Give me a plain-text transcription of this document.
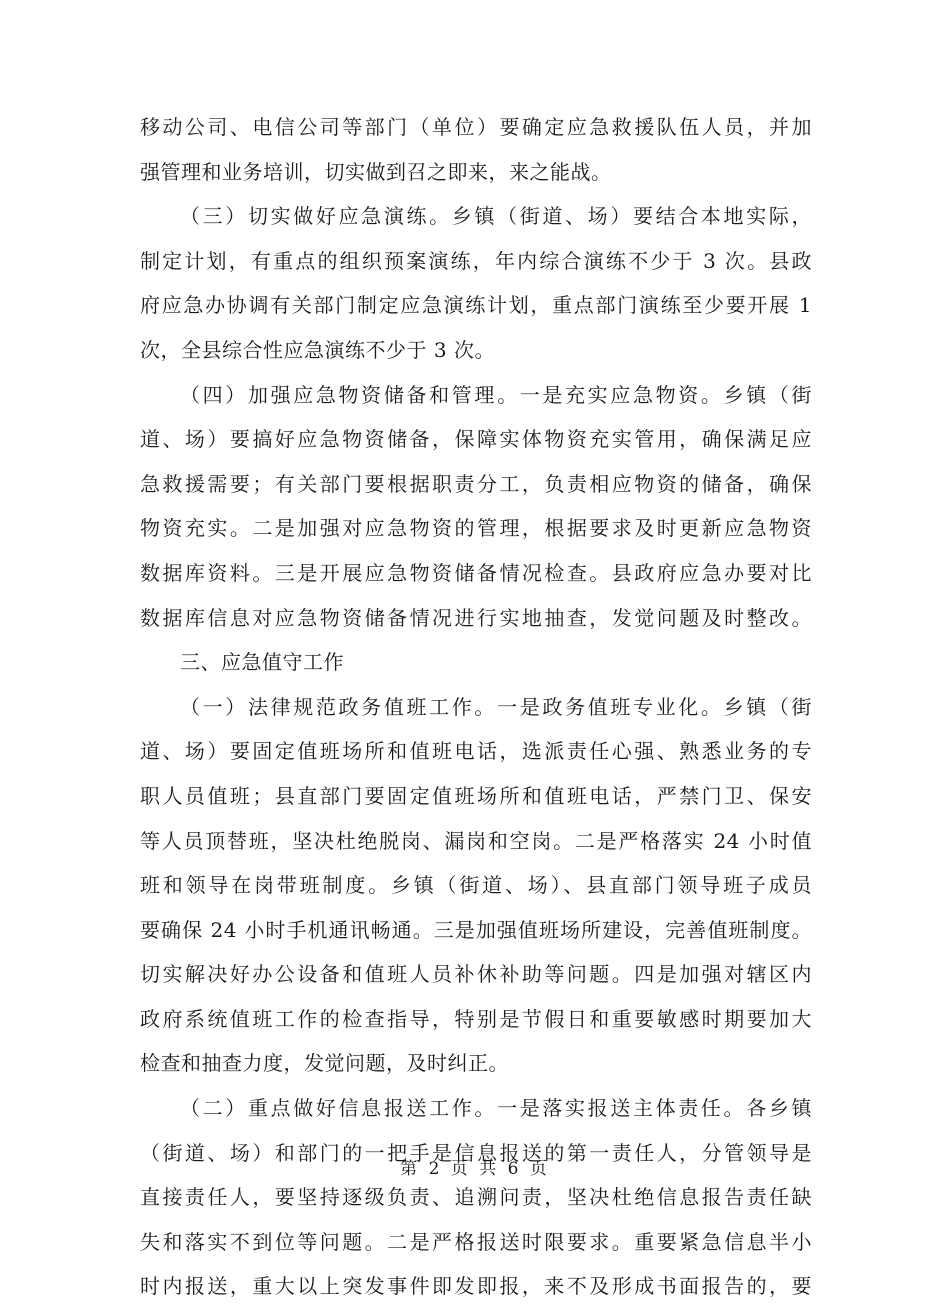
移动公司、电信公司等部门（单位）要确定应急救援队伍人员，并加
强管理和业务培训，切实做到召之即来，来之能战。
（三）切实做好应急演练。乡镇（街道、场）要结合本地实际，
制定计划，有重点的组织预案演练，年内综合演练不少于 3 次。县政
府应急办协调有关部门制定应急演练计划，重点部门演练至少要开展 1
次，全县综合性应急演练不少于 3 次。
（四）加强应急物资储备和管理。一是充实应急物资。乡镇（街
道、场）要搞好应急物资储备，保障实体物资充实管用，确保满足应
急救援需要；有关部门要根据职责分工，负责相应物资的储备，确保
物资充实。二是加强对应急物资的管理，根据要求及时更新应急物资
数据库资料。三是开展应急物资储备情况检查。县政府应急办要对比
数据库信息对应急物资储备情况进行实地抽查，发觉问题及时整改。
三、应急值守工作
（一）法律规范政务值班工作。一是政务值班专业化。乡镇（街
道、场）要固定值班场所和值班电话，选派责任心强、熟悉业务的专
职人员值班；县直部门要固定值班场所和值班电话，严禁门卫、保安
等人员顶替班，坚决杜绝脱岗、漏岗和空岗。二是严格落实 24 小时值
班和领导在岗带班制度。乡镇（街道、场）、县直部门领导班子成员
要确保 24 小时手机通讯畅通。三是加强值班场所建设，完善值班制度。
切实解决好办公设备和值班人员补休补助等问题。四是加强对辖区内
政府系统值班工作的检查指导，特别是节假日和重要敏感时期要加大
检查和抽查力度，发觉问题，及时纠正。
（二）重点做好信息报送工作。一是落实报送主体责任。各乡镇
（街道、场）和部门的一把手是信息报送的第一责任人，分管领导是
直接责任人，要坚持逐级负责、追溯问责，坚决杜绝信息报告责任缺
失和落实不到位等问题。二是严格报送时限要求。重要紧急信息半小
时内报送，重大以上突发事件即发即报，来不及形成书面报告的，要
第 2 页 共 6 页
